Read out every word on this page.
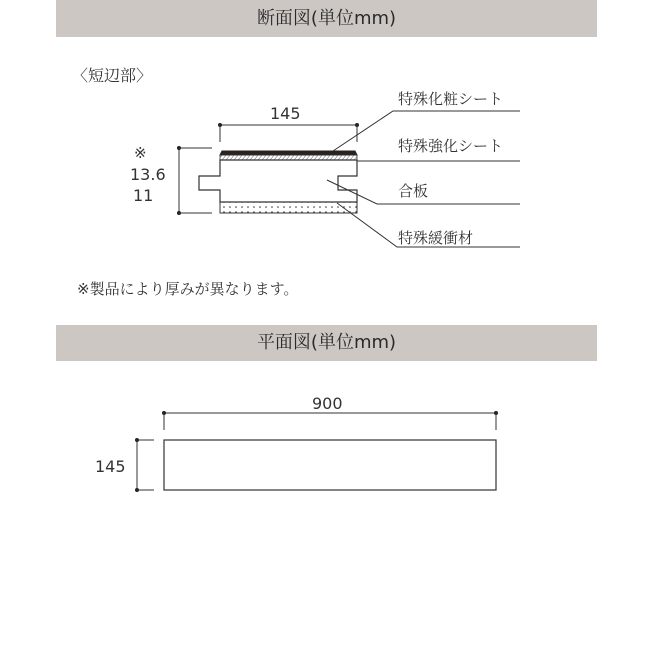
断面図(単位mm)
〈短辺部〉
145
※
13.6
11
特殊化粧シート
特殊強化シート
合板
特殊緩衝材
※製品により厚みが異なります。
平面図(単位mm)
900
145
